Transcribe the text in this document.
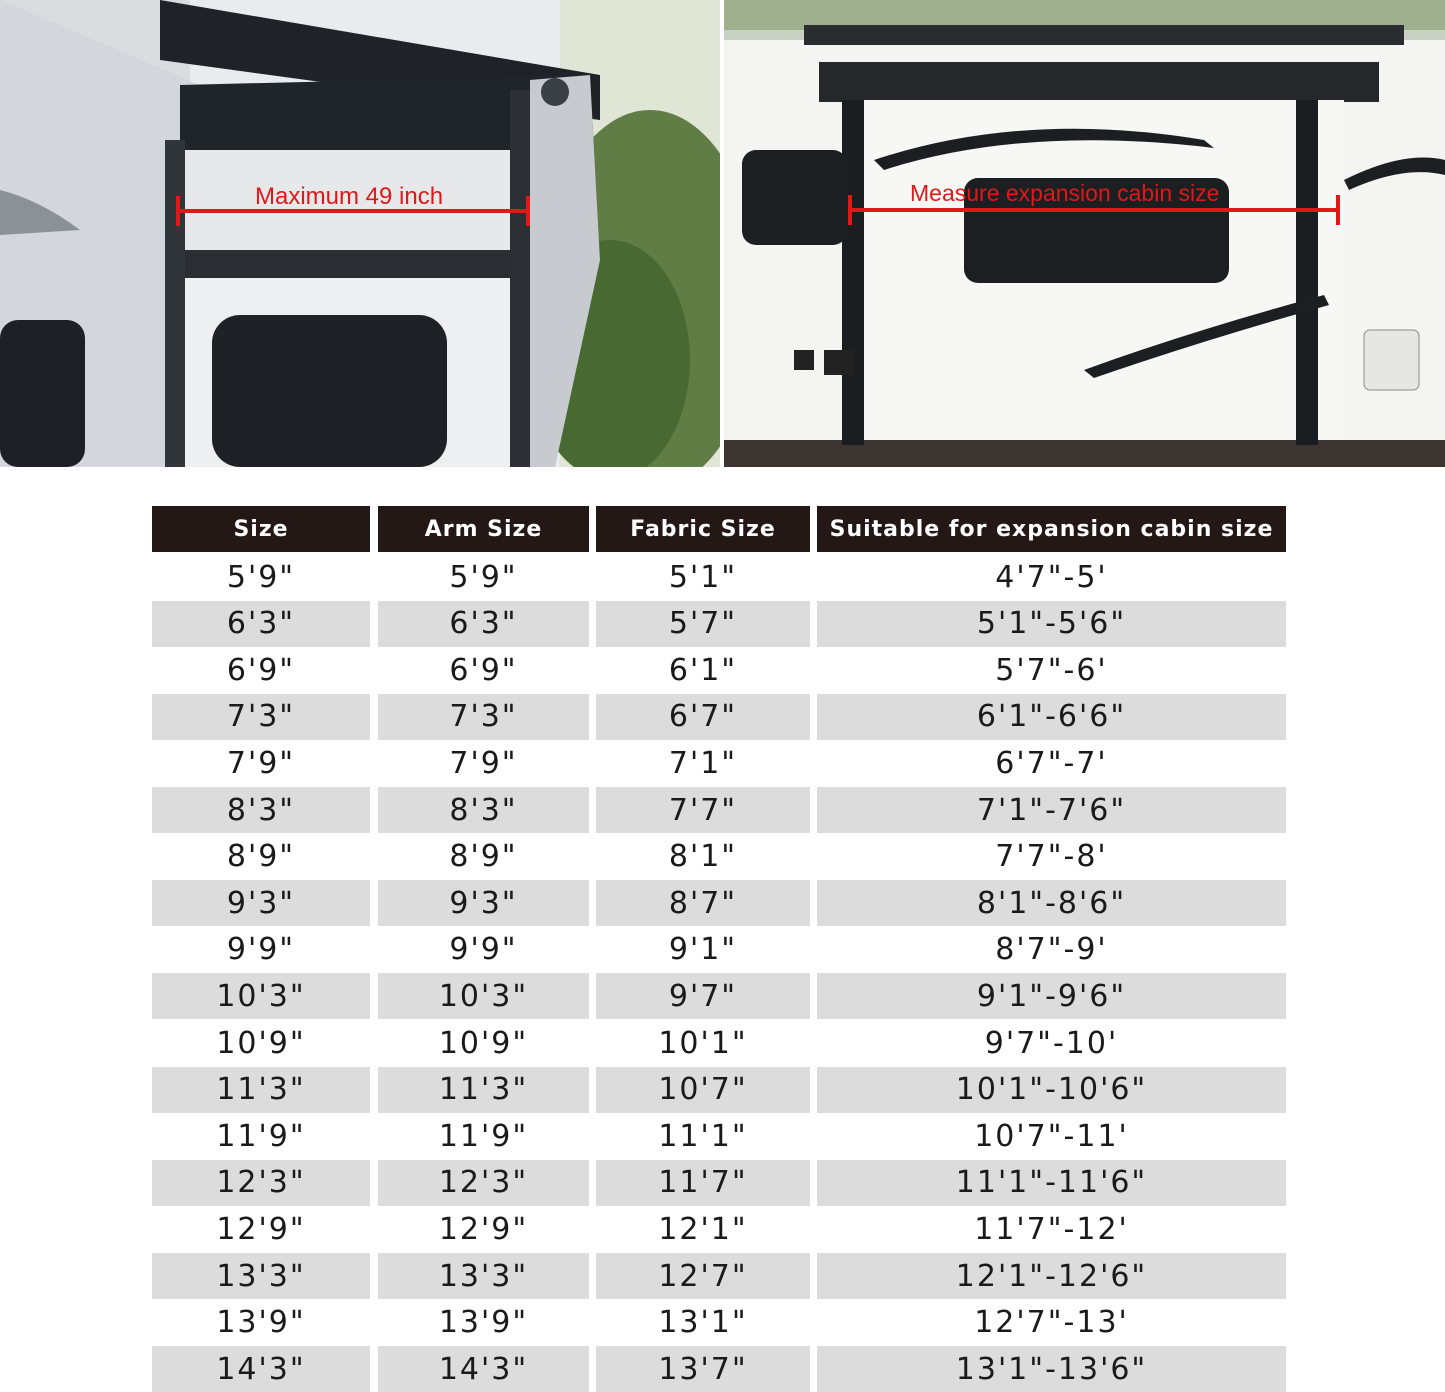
Maximum 49 inch	Measure expansion cabin size
Size	Arm Size	Fabric Size	Suitable for expansion cabin size
5'9"	5'9"	5'1"	4'7"-5'
6'3"	6'3"	5'7"	5'1"-5'6"
6'9"	6'9"	6'1"	5'7"-6'
7'3"	7'3"	6'7"	6'1"-6'6"
7'9"	7'9"	7'1"	6'7"-7'
8'3"	8'3"	7'7"	7'1"-7'6"
8'9"	8'9"	8'1"	7'7"-8'
9'3"	9'3"	8'7"	8'1"-8'6"
9'9"	9'9"	9'1"	8'7"-9'
10'3"	10'3"	9'7"	9'1"-9'6"
10'9"	10'9"	10'1"	9'7"-10'
11'3"	11'3"	10'7"	10'1"-10'6"
11'9"	11'9"	11'1"	10'7"-11'
12'3"	12'3"	11'7"	11'1"-11'6"
12'9"	12'9"	12'1"	11'7"-12'
13'3"	13'3"	12'7"	12'1"-12'6"
13'9"	13'9"	13'1"	12'7"-13'
14'3"	14'3"	13'7"	13'1"-13'6"
